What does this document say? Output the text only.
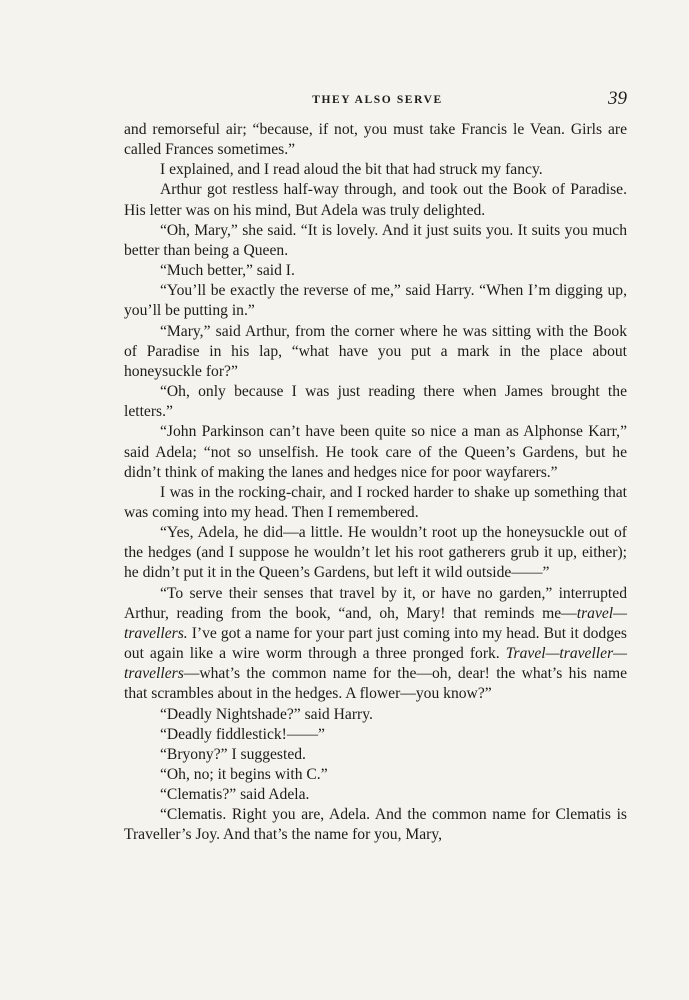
THEY ALSO SERVE	39

and remorseful air; “because, if not, you must take Francis le Vean. Girls are called Frances sometimes.”

I explained, and I read aloud the bit that had struck my fancy.

Arthur got restless half-way through, and took out the Book of Paradise. His letter was on his mind, But Adela was truly delighted.

“Oh, Mary,” she said. “It is lovely. And it just suits you. It suits you much better than being a Queen.

“Much better,” said I.

“You’ll be exactly the reverse of me,” said Harry. “When I’m digging up, you’ll be putting in.”

“Mary,” said Arthur, from the corner where he was sitting with the Book of Paradise in his lap, “what have you put a mark in the place about honeysuckle for?”

“Oh, only because I was just reading there when James brought the letters.”

“John Parkinson can’t have been quite so nice a man as Alphonse Karr,” said Adela; “not so unselfish. He took care of the Queen’s Gardens, but he didn’t think of making the lanes and hedges nice for poor wayfarers.”

I was in the rocking-chair, and I rocked harder to shake up something that was coming into my head. Then I remembered.

“Yes, Adela, he did—a little. He wouldn’t root up the honeysuckle out of the hedges (and I suppose he wouldn’t let his root gatherers grub it up, either); he didn’t put it in the Queen’s Gardens, but left it wild outside——”

“To serve their senses that travel by it, or have no garden,” interrupted Arthur, reading from the book, “and, oh, Mary! that reminds me—travel—travellers. I’ve got a name for your part just coming into my head. But it dodges out again like a wire worm through a three pronged fork. Travel—traveller—travellers—what’s the common name for the—oh, dear! the what’s his name that scrambles about in the hedges. A flower—you know?”

“Deadly Nightshade?” said Harry.

“Deadly fiddlestick!——”

“Bryony?” I suggested.

“Oh, no; it begins with C.”

“Clematis?” said Adela.

“Clematis. Right you are, Adela. And the common name for Clematis is Traveller’s Joy. And that’s the name for you, Mary,
